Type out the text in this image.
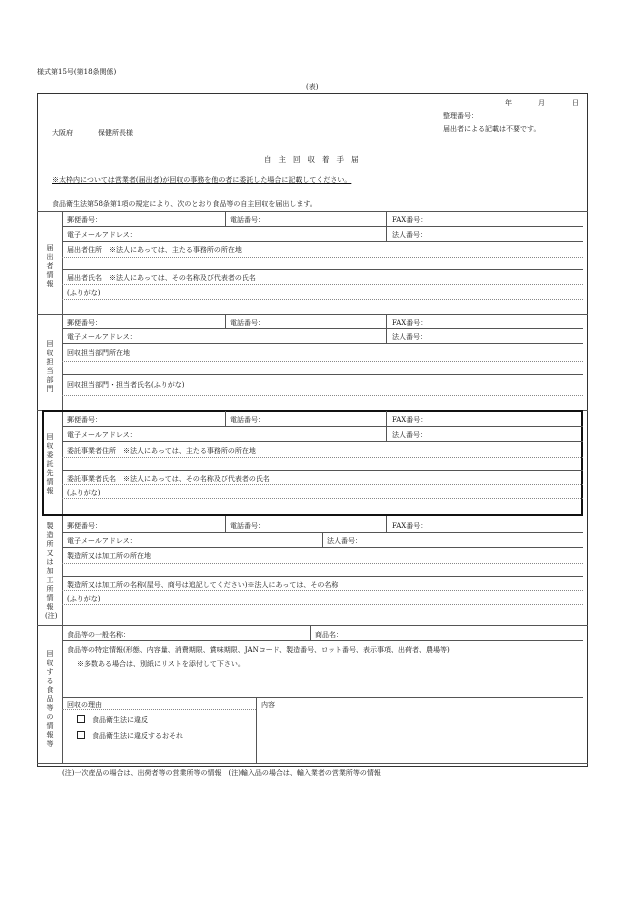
様式第15号(第18条関係)
(表)
年	月	日
整理番号：
届出者による記載は不要です。
大阪府	保健所長様
自主回収着手届
※太枠内については営業者(届出者)が回収の事務を他の者に委託した場合に記載してください。
食品衛生法第58条第1項の規定により、次のとおり食品等の自主回収を届出します。
届出者情報
郵便番号：	電話番号：	FAX番号：
電子メールアドレス：	法人番号：
届出者住所　※法人にあっては、主たる事務所の所在地
届出者氏名　※法人にあっては、その名称及び代表者の氏名
(ふりがな)
回収担当部門
郵便番号：	電話番号：	FAX番号：
電子メールアドレス：	法人番号：
回収担当部門所在地
回収担当部門・担当者氏名(ふりがな)
回収委託先情報
郵便番号：	電話番号：	FAX番号：
電子メールアドレス：	法人番号：
委託事業者住所　※法人にあっては、主たる事務所の所在地
委託事業者氏名　※法人にあっては、その名称及び代表者の氏名
(ふりがな)
製造所又は加工所情報(注)
郵便番号：	電話番号：	FAX番号：
電子メールアドレス：	法人番号：
製造所又は加工所の所在地
製造所又は加工所の名称(屋号、商号は追記してください)※法人にあっては、その名称
(ふりがな)
回収する食品等の情報等
食品等の一般名称：	商品名：
食品等の特定情報(形態、内容量、消費期限、賞味期限、JANコード、製造番号、ロット番号、表示事項、出荷者、農場等)
※多数ある場合は、別紙にリストを添付して下さい。
回収の理由	内容
食品衛生法に違反
食品衛生法に違反するおそれ
(注)一次産品の場合は、出荷者等の営業所等の情報　(注)輸入品の場合は、輸入業者の営業所等の情報
